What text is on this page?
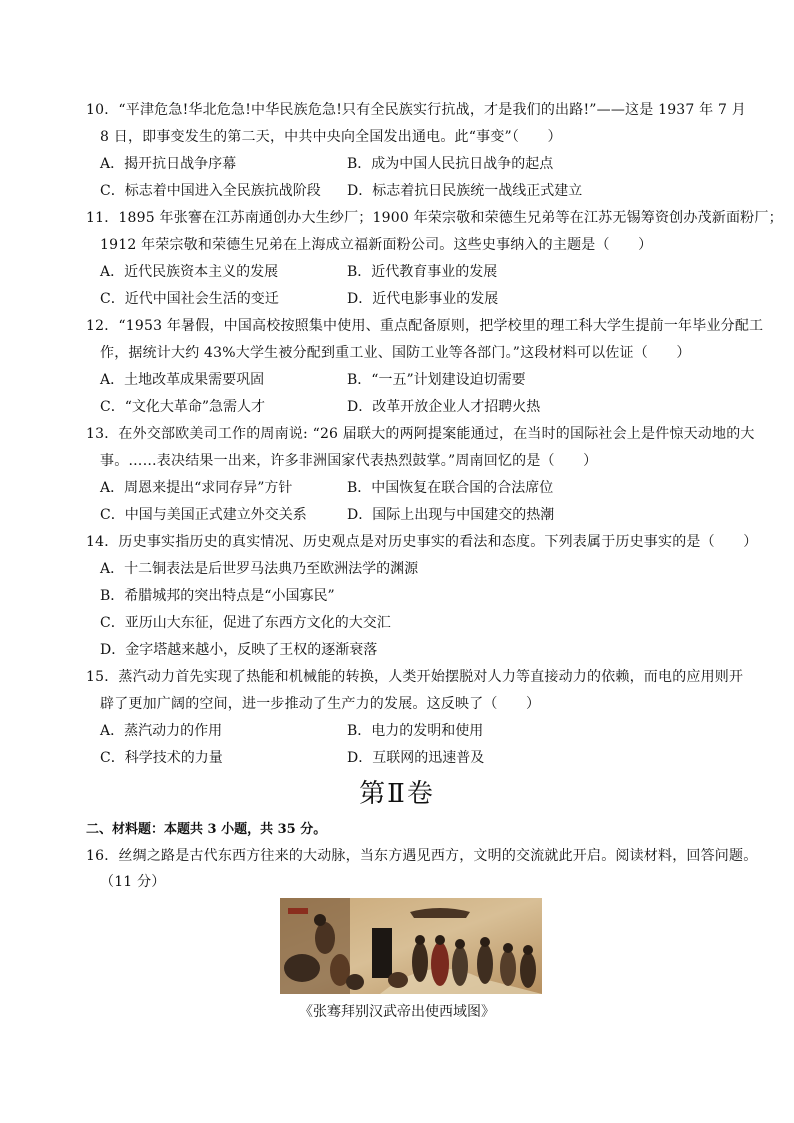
10．“平津危急!华北危急!中华民族危急!只有全民族实行抗战，才是我们的出路!”——这是 1937 年 7 月
8 日，即事变发生的第二天，中共中央向全国发出通电。此“事变”（　　）
A．揭开抗日战争序幕	B．成为中国人民抗日战争的起点
C．标志着中国进入全民族抗战阶段 D．标志着抗日民族统一战线正式建立
11．1895 年张謇在江苏南通创办大生纱厂；1900 年荣宗敬和荣德生兄弟等在江苏无锡筹资创办茂新面粉厂；
1912 年荣宗敬和荣德生兄弟在上海成立福新面粉公司。这些史事纳入的主题是（　　）
A．近代民族资本主义的发展	B．近代教育事业的发展
C．近代中国社会生活的变迁	D．近代电影事业的发展
12．“1953 年暑假，中国高校按照集中使用、重点配备原则，把学校里的理工科大学生提前一年毕业分配工
作，据统计大约 43%大学生被分配到重工业、国防工业等各部门。”这段材料可以佐证（　　）
A．土地改革成果需要巩固	B．“一五”计划建设迫切需要
C．“文化大革命”急需人才	D．改革开放企业人才招聘火热
13．在外交部欧美司工作的周南说: “26 届联大的两阿提案能通过，在当时的国际社会上是件惊天动地的大
事。……表决结果一出来，许多非洲国家代表热烈鼓掌。”周南回忆的是（　　）
A．周恩来提出“求同存异”方针	B．中国恢复在联合国的合法席位
C．中国与美国正式建立外交关系	D．国际上出现与中国建交的热潮
14．历史事实指历史的真实情况、历史观点是对历史事实的看法和态度。下列表属于历史事实的是（　　）
A．十二铜表法是后世罗马法典乃至欧洲法学的渊源
B．希腊城邦的突出特点是“小国寡民”
C．亚历山大东征，促进了东西方文化的大交汇
D．金字塔越来越小，反映了王权的逐渐衰落
15．蒸汽动力首先实现了热能和机械能的转换，人类开始摆脱对人力等直接动力的依赖，而电的应用则开
辟了更加广阔的空间，进一步推动了生产力的发展。这反映了（　　）
A．蒸汽动力的作用	B．电力的发明和使用
C．科学技术的力量	D．互联网的迅速普及
第Ⅱ卷
二、材料题：本题共 3 小题，共 35 分。
16．丝绸之路是古代东西方往来的大动脉，当东方遇见西方，文明的交流就此开启。阅读材料，回答问题。
（11 分）
《张骞拜别汉武帝出使西域图》
